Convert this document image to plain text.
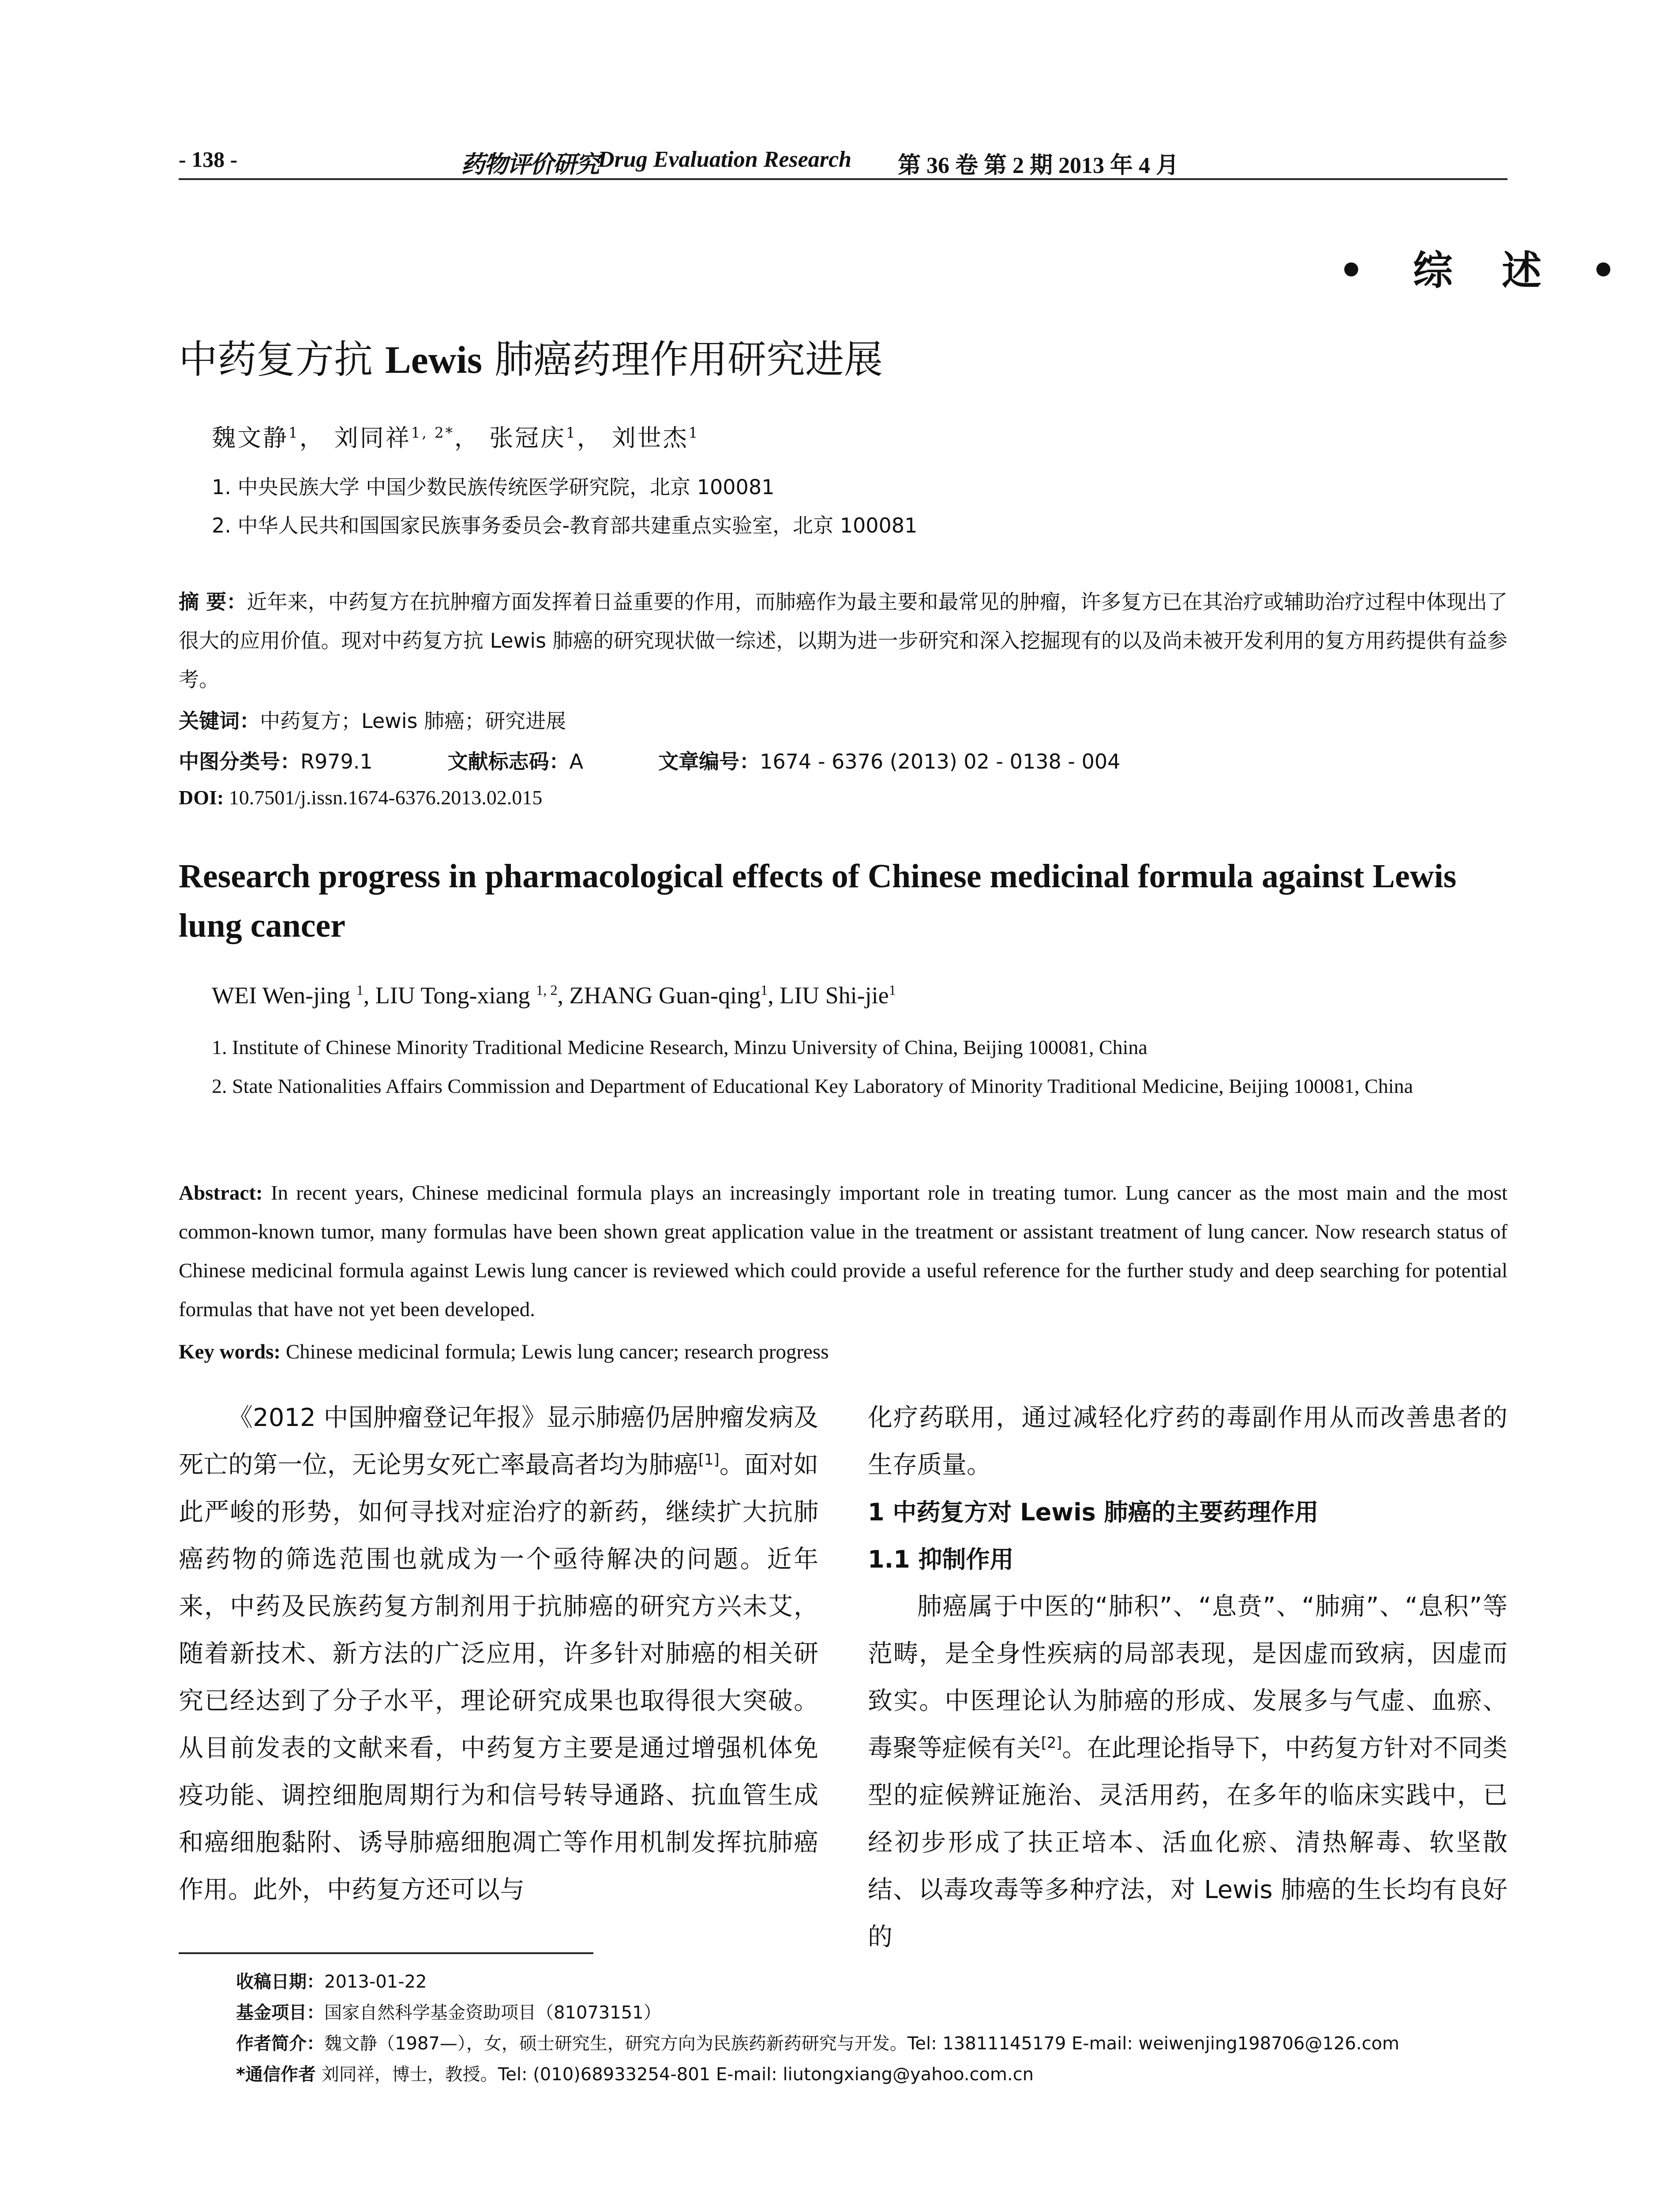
- 138 -	药物评价研究
Drug Evaluation Research 第 36 卷 第 2 期 2013 年 4 月
• 综 述 •
中药复方抗 Lewis 肺癌药理作用研究进展
魏文静$^1$， 刘同祥$^{1, 2*}$， 张冠庆$^1$， 刘世杰$^1$
1. 中央民族大学 中国少数民族传统医学研究院，北京 100081
2. 中华人民共和国国家民族事务委员会-教育部共建重点实验室，北京 100081
摘 要：近年来，中药复方在抗肿瘤方面发挥着日益重要的作用，而肺癌作为最主要和最常见的肿瘤，许多复方已在其治疗或辅助治疗过程中体现出了很大的应用价值。现对中药复方抗 Lewis 肺癌的研究现状做一综述，以期为进一步研究和深入挖掘现有的以及尚未被开发利用的复方用药提供有益参考。
关键词：中药复方；Lewis 肺癌；研究进展
中图分类号：R979.1	文献标志码：A	文章编号：1674 - 6376 (2013) 02 - 0138 - 004
DOI: 10.7501/j.issn.1674-6376.2013.02.015
Research progress in pharmacological effects of Chinese medicinal formula against Lewis lung cancer
WEI Wen-jing $^1$, LIU Tong-xiang $^{1, 2}$, ZHANG Guan-qing$^1$, LIU Shi-jie$^1$
1. Institute of Chinese Minority Traditional Medicine Research, Minzu University of China, Beijing 100081, China
2. State Nationalities Affairs Commission and Department of Educational Key Laboratory of Minority Traditional Medicine, Beijing 100081, China
Abstract: In recent years, Chinese medicinal formula plays an increasingly important role in treating tumor. Lung cancer as the most main and the most common-known tumor, many formulas have been shown great application value in the treatment or assistant treatment of lung cancer. Now research status of Chinese medicinal formula against Lewis lung cancer is reviewed which could provide a useful reference for the further study and deep searching for potential formulas that have not yet been developed.
Key words: Chinese medicinal formula; Lewis lung cancer; research progress

《2012 中国肿瘤登记年报》显示肺癌仍居肿瘤发病及死亡的第一位，无论男女死亡率最高者均为肺癌[1]。面对如此严峻的形势，如何寻找对症治疗的新药，继续扩大抗肺癌药物的筛选范围也就成为一个亟待解决的问题。近年来，中药及民族药复方制剂用于抗肺癌的研究方兴未艾，随着新技术、新方法的广泛应用，许多针对肺癌的相关研究已经达到了分子水平，理论研究成果也取得很大突破。从目前发表的文献来看，中药复方主要是通过增强机体免疫功能、调控细胞周期行为和信号转导通路、抗血管生成和癌细胞黏附、诱导肺癌细胞凋亡等作用机制发挥抗肺癌作用。此外，中药复方还可以与

化疗药联用，通过减轻化疗药的毒副作用从而改善患者的生存质量。

1 中药复方对 Lewis 肺癌的主要药理作用
1.1 抑制作用

肺癌属于中医的“肺积”、“息贲”、“肺痈”、“息积”等范畴，是全身性疾病的局部表现，是因虚而致病，因虚而致实。中医理论认为肺癌的形成、发展多与气虚、血瘀、毒聚等症候有关[2]。在此理论指导下，中药复方针对不同类型的症候辨证施治、灵活用药，在多年的临床实践中，已经初步形成了扶正培本、活血化瘀、清热解毒、软坚散结、以毒攻毒等多种疗法，对 Lewis 肺癌的生长均有良好的

收稿日期：2013-01-22
基金项目：国家自然科学基金资助项目（81073151）
作者简介：魏文静（1987—），女，硕士研究生，研究方向为民族药新药研究与开发。Tel: 13811145179 E-mail: weiwenjing198706@126.com
*通信作者 刘同祥，博士，教授。Tel: (010)68933254-801 E-mail: liutongxiang@yahoo.com.cn
